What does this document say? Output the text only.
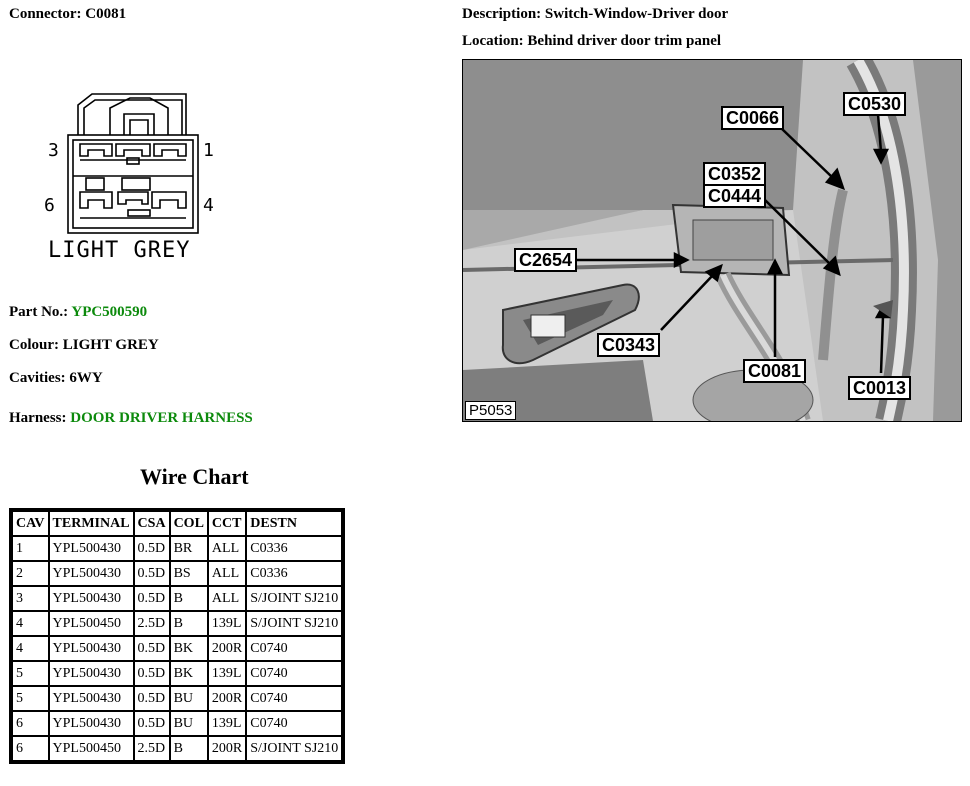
Connector: C0081	Description: Switch-Window-Driver door
Location: Behind driver door trim panel
3	1
6	4
LIGHT GREY
Part No.: YPC500590
Colour: LIGHT GREY
Cavities: 6WY
Harness: DOOR DRIVER HARNESS
C0530
C0066
C0352
C0444
C2654
C0343
C0081
C0013
P5053
Wire Chart
CAV	TERMINAL	CSA	COL	CCT	DESTN
1	YPL500430	0.5D	BR	ALL	C0336
2	YPL500430	0.5D	BS	ALL	C0336
3	YPL500430	0.5D	B	ALL	S/JOINT SJ210
4	YPL500450	2.5D	B	139L	S/JOINT SJ210
4	YPL500430	0.5D	BK	200R	C0740
5	YPL500430	0.5D	BK	139L	C0740
5	YPL500430	0.5D	BU	200R	C0740
6	YPL500430	0.5D	BU	139L	C0740
6	YPL500450	2.5D	B	200R	S/JOINT SJ210
